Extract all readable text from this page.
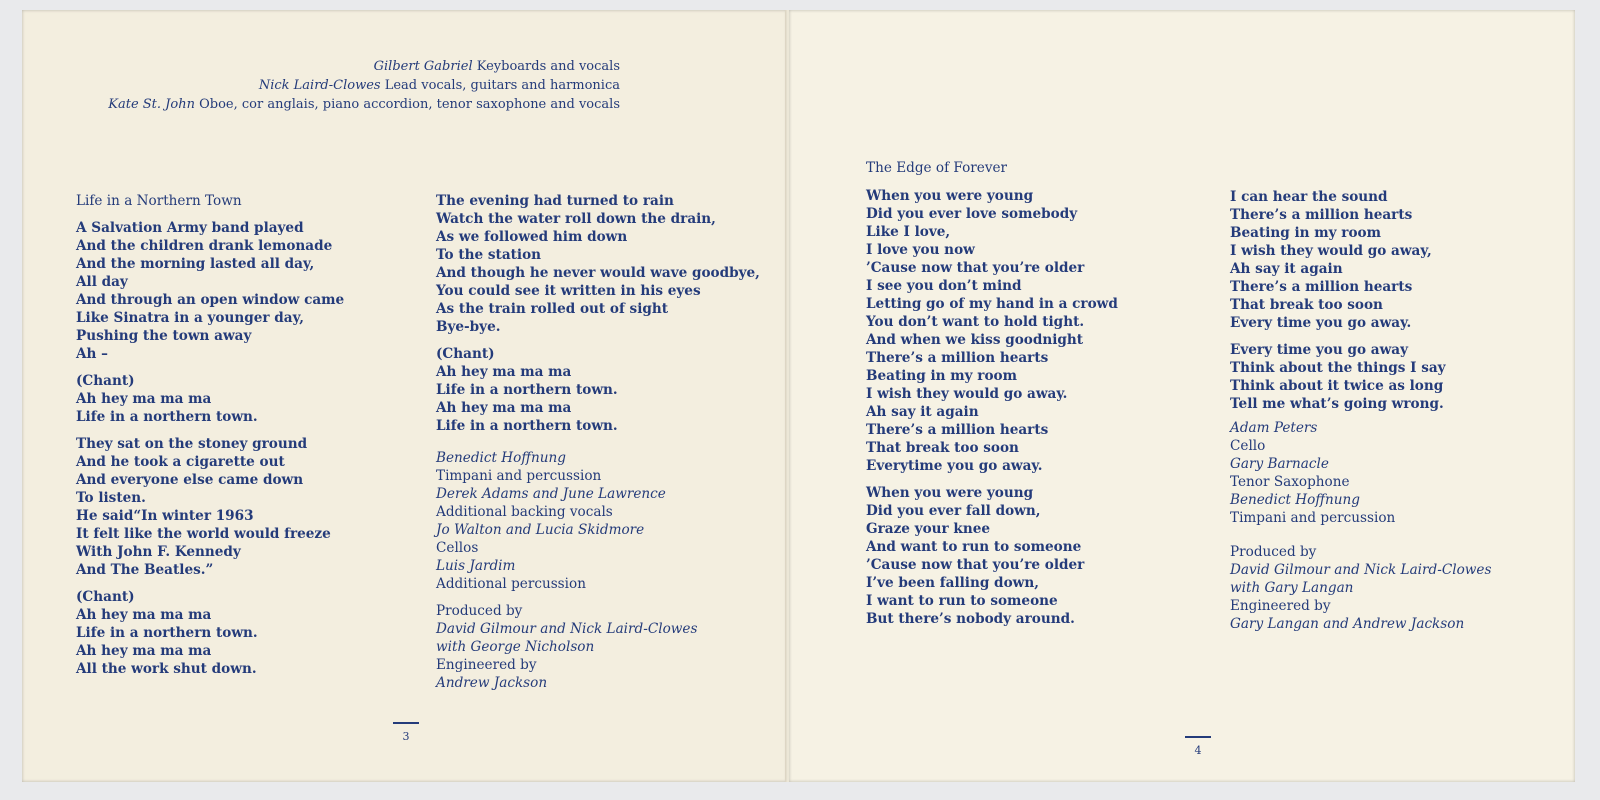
Gilbert Gabriel Keyboards and vocals
Nick Laird-Clowes Lead vocals, guitars and harmonica
Kate St. John Oboe, cor anglais, piano accordion, tenor saxophone and vocals
Life in a Northern Town
A Salvation Army band played
And the children drank lemonade
And the morning lasted all day,
All day
And through an open window came
Like Sinatra in a younger day,
Pushing the town away
Ah –
(Chant)
Ah hey ma ma ma
Life in a northern town.
They sat on the stoney ground
And he took a cigarette out
And everyone else came down
To listen.
He said“In winter 1963
It felt like the world would freeze
With John F. Kennedy
And The Beatles.”
(Chant)
Ah hey ma ma ma
Life in a northern town.
Ah hey ma ma ma
All the work shut down.
The evening had turned to rain
Watch the water roll down the drain,
As we followed him down
To the station
And though he never would wave goodbye,
You could see it written in his eyes
As the train rolled out of sight
Bye-bye.
(Chant)
Ah hey ma ma ma
Life in a northern town.
Ah hey ma ma ma
Life in a northern town.
Benedict Hoffnung
Timpani and percussion
Derek Adams and June Lawrence
Additional backing vocals
Jo Walton and Lucia Skidmore
Cellos
Luis Jardim
Additional percussion
Produced by
David Gilmour and Nick Laird-Clowes
with George Nicholson
Engineered by
Andrew Jackson
The Edge of Forever
When you were young
Did you ever love somebody
Like I love,
I love you now
’Cause now that you’re older
I see you don’t mind
Letting go of my hand in a crowd
You don’t want to hold tight.
And when we kiss goodnight
There’s a million hearts
Beating in my room
I wish they would go away.
Ah say it again
There’s a million hearts
That break too soon
Everytime you go away.
When you were young
Did you ever fall down,
Graze your knee
And want to run to someone
’Cause now that you’re older
I’ve been falling down,
I want to run to someone
But there’s nobody around.
I can hear the sound
There’s a million hearts
Beating in my room
I wish they would go away,
Ah say it again
There’s a million hearts
That break too soon
Every time you go away.
Every time you go away
Think about the things I say
Think about it twice as long
Tell me what’s going wrong.
Adam Peters
Cello
Gary Barnacle
Tenor Saxophone
Benedict Hoffnung
Timpani and percussion
Produced by
David Gilmour and Nick Laird-Clowes
with Gary Langan
Engineered by
Gary Langan and Andrew Jackson
3
4
